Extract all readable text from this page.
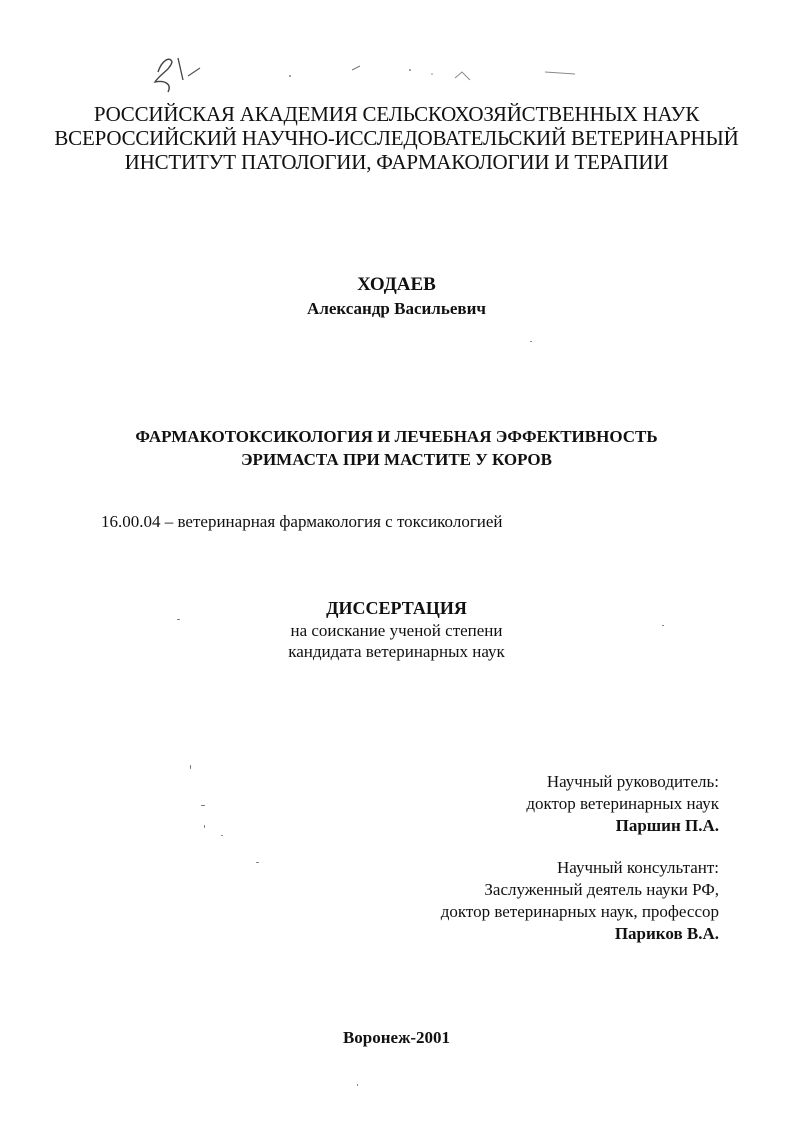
РОССИЙСКАЯ АКАДЕМИЯ СЕЛЬСКОХОЗЯЙСТВЕННЫХ НАУК
ВСЕРОССИЙСКИЙ НАУЧНО-ИССЛЕДОВАТЕЛЬСКИЙ ВЕТЕРИНАРНЫЙ
ИНСТИТУТ ПАТОЛОГИИ, ФАРМАКОЛОГИИ И ТЕРАПИИ
ХОДАЕВ
Александр Васильевич
ФАРМАКОТОКСИКОЛОГИЯ И ЛЕЧЕБНАЯ ЭФФЕКТИВНОСТЬ
ЭРИМАСТА ПРИ МАСТИТЕ У КОРОВ
16.00.04 – ветеринарная фармакология с токсикологией
ДИССЕРТАЦИЯ
на соискание ученой степени
кандидата ветеринарных наук
Научный руководитель:
доктор ветеринарных наук
Паршин П.А.
Научный консультант:
Заслуженный деятель науки РФ,
доктор ветеринарных наук, профессор
Париков В.А.
Воронеж-2001
